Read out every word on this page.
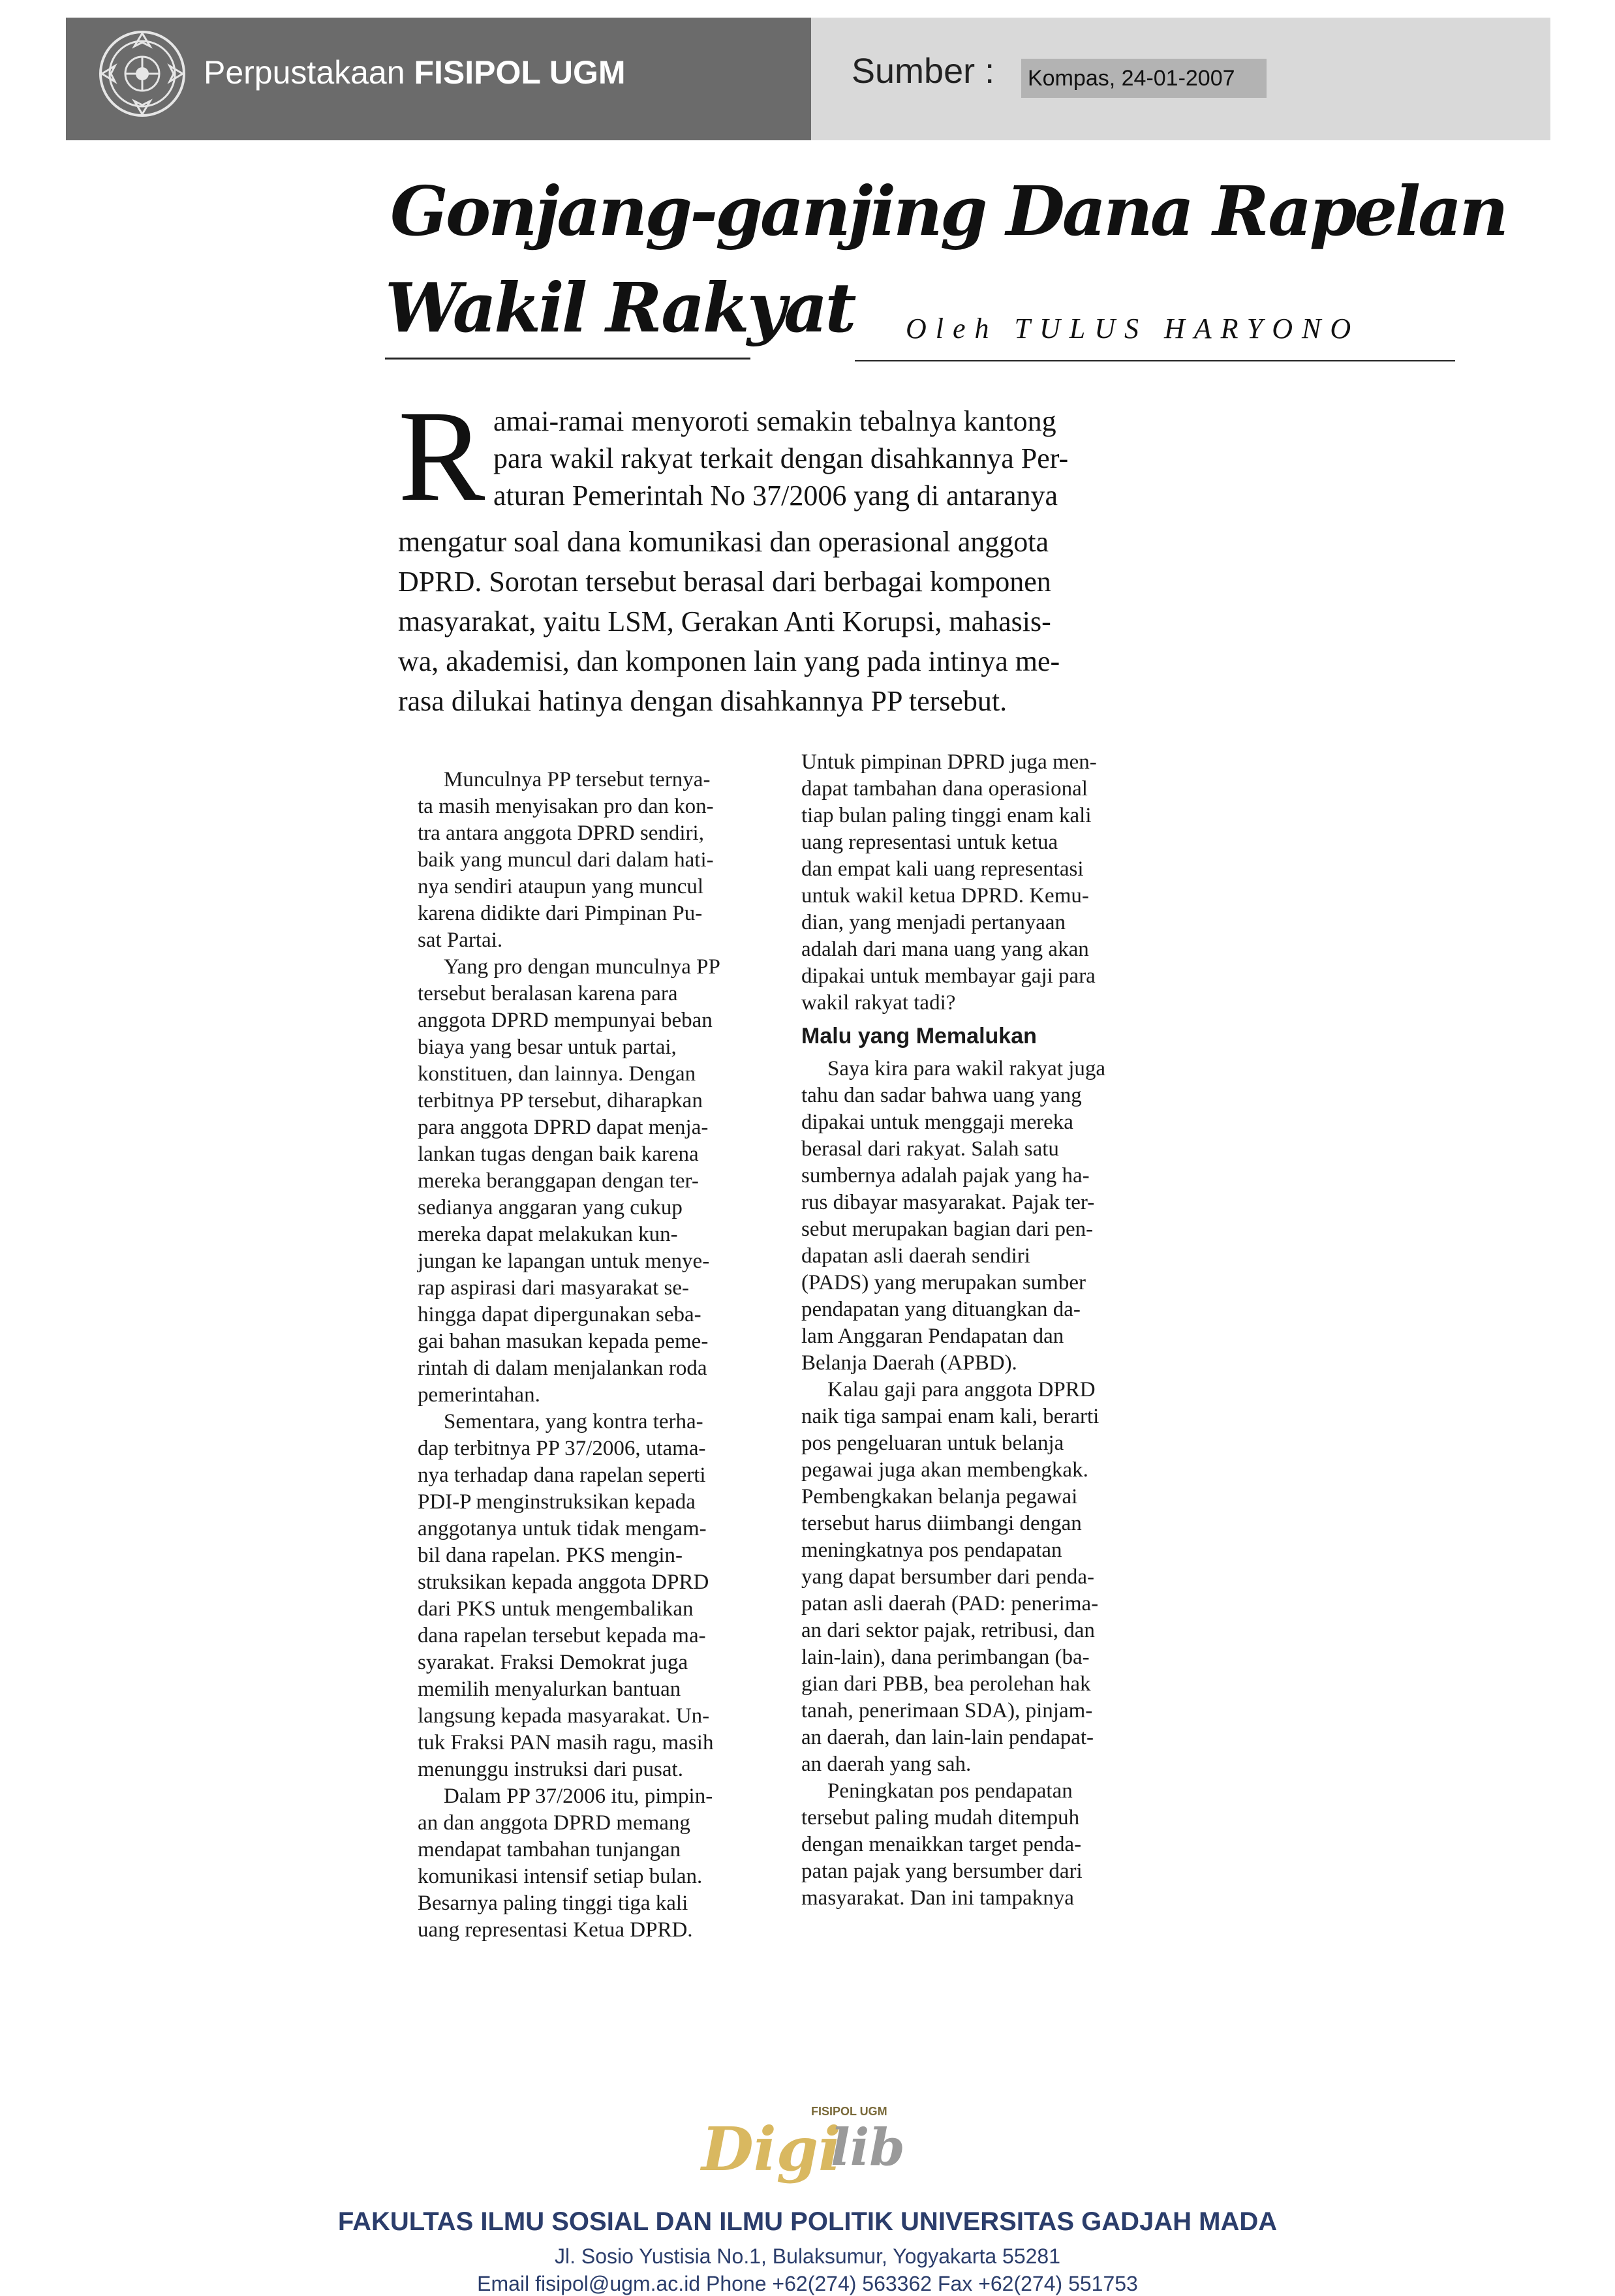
Perpustakaan FISIPOL UGM	Sumber : Kompas, 24-01-2007
Gonjang-ganjing Dana Rapelan
Wakil Rakyat Oleh TULUS HARYONO
R amai-ramai menyoroti semakin tebalnya kantong
para wakil rakyat terkait dengan disahkannya Per-
aturan Pemerintah No 37/2006 yang di antaranya
mengatur soal dana komunikasi dan operasional anggota
DPRD. Sorotan tersebut berasal dari berbagai komponen
masyarakat, yaitu LSM, Gerakan Anti Korupsi, mahasis-
wa, akademisi, dan komponen lain yang pada intinya me-
rasa dilukai hatinya dengan disahkannya PP tersebut.
Munculnya PP tersebut ternya-
ta masih menyisakan pro dan kon-
tra antara anggota DPRD sendiri,
baik yang muncul dari dalam hati-
nya sendiri ataupun yang muncul
karena didikte dari Pimpinan Pu-
sat Partai.
Yang pro dengan munculnya PP
tersebut beralasan karena para
anggota DPRD mempunyai beban
biaya yang besar untuk partai,
konstituen, dan lainnya. Dengan
terbitnya PP tersebut, diharapkan
para anggota DPRD dapat menja-
lankan tugas dengan baik karena
mereka beranggapan dengan ter-
sedianya anggaran yang cukup
mereka dapat melakukan kun-
jungan ke lapangan untuk menye-
rap aspirasi dari masyarakat se-
hingga dapat dipergunakan seba-
gai bahan masukan kepada peme-
rintah di dalam menjalankan roda
pemerintahan.
Sementara, yang kontra terha-
dap terbitnya PP 37/2006, utama-
nya terhadap dana rapelan seperti
PDI-P menginstruksikan kepada
anggotanya untuk tidak mengam-
bil dana rapelan. PKS mengin-
struksikan kepada anggota DPRD
dari PKS untuk mengembalikan
dana rapelan tersebut kepada ma-
syarakat. Fraksi Demokrat juga
memilih menyalurkan bantuan
langsung kepada masyarakat. Un-
tuk Fraksi PAN masih ragu, masih
menunggu instruksi dari pusat.
Dalam PP 37/2006 itu, pimpin-
an dan anggota DPRD memang
mendapat tambahan tunjangan
komunikasi intensif setiap bulan.
Besarnya paling tinggi tiga kali
uang representasi Ketua DPRD.
Untuk pimpinan DPRD juga men-
dapat tambahan dana operasional
tiap bulan paling tinggi enam kali
uang representasi untuk ketua
dan empat kali uang representasi
untuk wakil ketua DPRD. Kemu-
dian, yang menjadi pertanyaan
adalah dari mana uang yang akan
dipakai untuk membayar gaji para
wakil rakyat tadi?
Malu yang Memalukan
Saya kira para wakil rakyat juga
tahu dan sadar bahwa uang yang
dipakai untuk menggaji mereka
berasal dari rakyat. Salah satu
sumbernya adalah pajak yang ha-
rus dibayar masyarakat. Pajak ter-
sebut merupakan bagian dari pen-
dapatan asli daerah sendiri
(PADS) yang merupakan sumber
pendapatan yang dituangkan da-
lam Anggaran Pendapatan dan
Belanja Daerah (APBD).
Kalau gaji para anggota DPRD
naik tiga sampai enam kali, berarti
pos pengeluaran untuk belanja
pegawai juga akan membengkak.
Pembengkakan belanja pegawai
tersebut harus diimbangi dengan
meningkatnya pos pendapatan
yang dapat bersumber dari penda-
patan asli daerah (PAD: penerima-
an dari sektor pajak, retribusi, dan
lain-lain), dana perimbangan (ba-
gian dari PBB, bea perolehan hak
tanah, penerimaan SDA), pinjam-
an daerah, dan lain-lain pendapat-
an daerah yang sah.
Peningkatan pos pendapatan
tersebut paling mudah ditempuh
dengan menaikkan target penda-
patan pajak yang bersumber dari
masyarakat. Dan ini tampaknya
FISIPOL UGM
Digi
lib
FAKULTAS ILMU SOSIAL DAN ILMU POLITIK UNIVERSITAS GADJAH MADA
Jl. Sosio Yustisia No.1, Bulaksumur, Yogyakarta 55281
Email fisipol@ugm.ac.id Phone +62(274) 563362 Fax +62(274) 551753
